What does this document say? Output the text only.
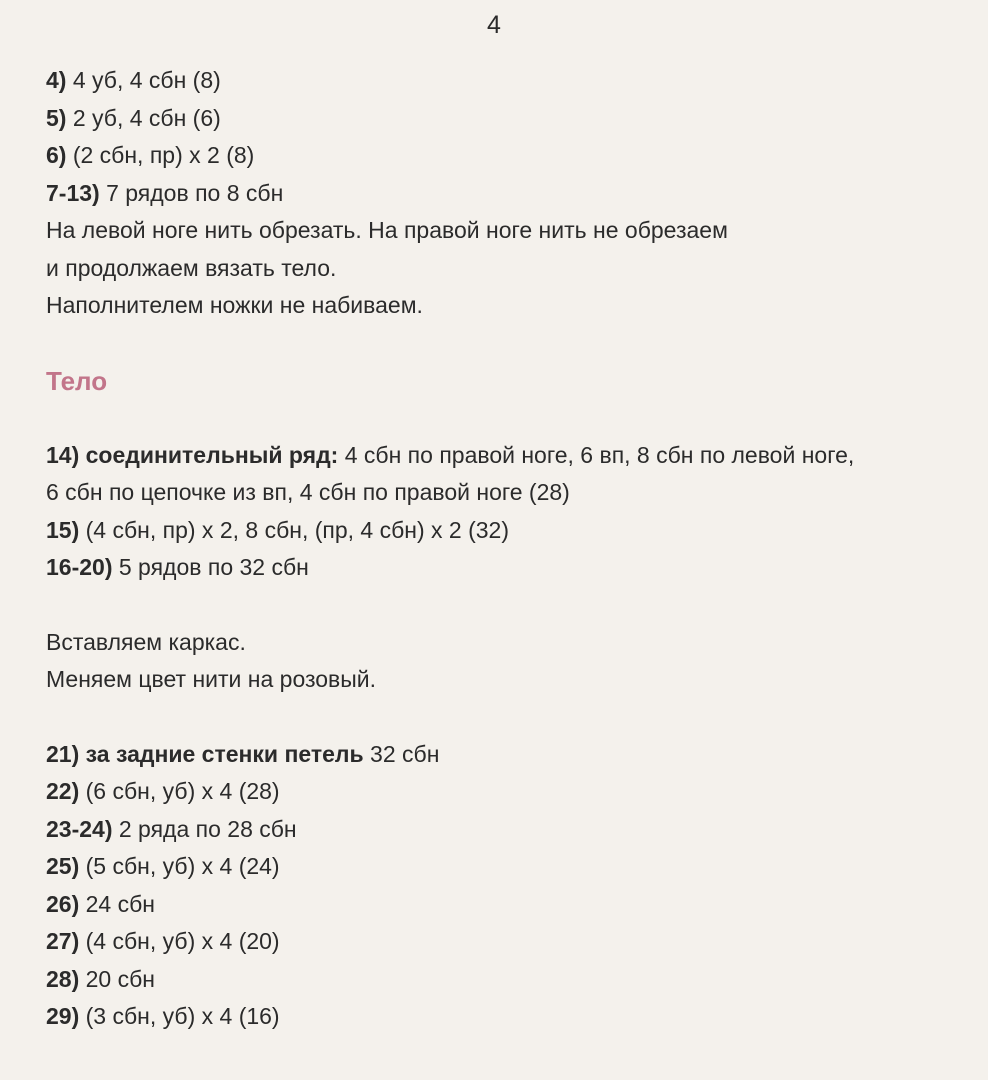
4
4) 4 уб, 4 сбн (8)
5) 2 уб, 4 сбн (6)
6) (2 сбн, пр) x 2 (8)
7-13) 7 рядов по 8 сбн
На левой ноге нить обрезать. На правой ноге нить не обрезаем
и продолжаем вязать тело.
Наполнителем ножки не набиваем.
Тело
14) соединительный ряд: 4 сбн по правой ноге, 6 вп, 8 сбн по левой ноге,
6 сбн по цепочке из вп, 4 сбн по правой ноге (28)
15) (4 сбн, пр) x 2, 8 сбн, (пр, 4 сбн) x 2 (32)
16-20) 5 рядов по 32 сбн
Вставляем каркас.
Меняем цвет нити на розовый.
21) за задние стенки петель 32 сбн
22) (6 сбн, уб) x 4 (28)
23-24) 2 ряда по 28 сбн
25) (5 сбн, уб) x 4 (24)
26) 24 сбн
27) (4 сбн, уб) x 4 (20)
28) 20 сбн
29) (3 сбн, уб) x 4 (16)
